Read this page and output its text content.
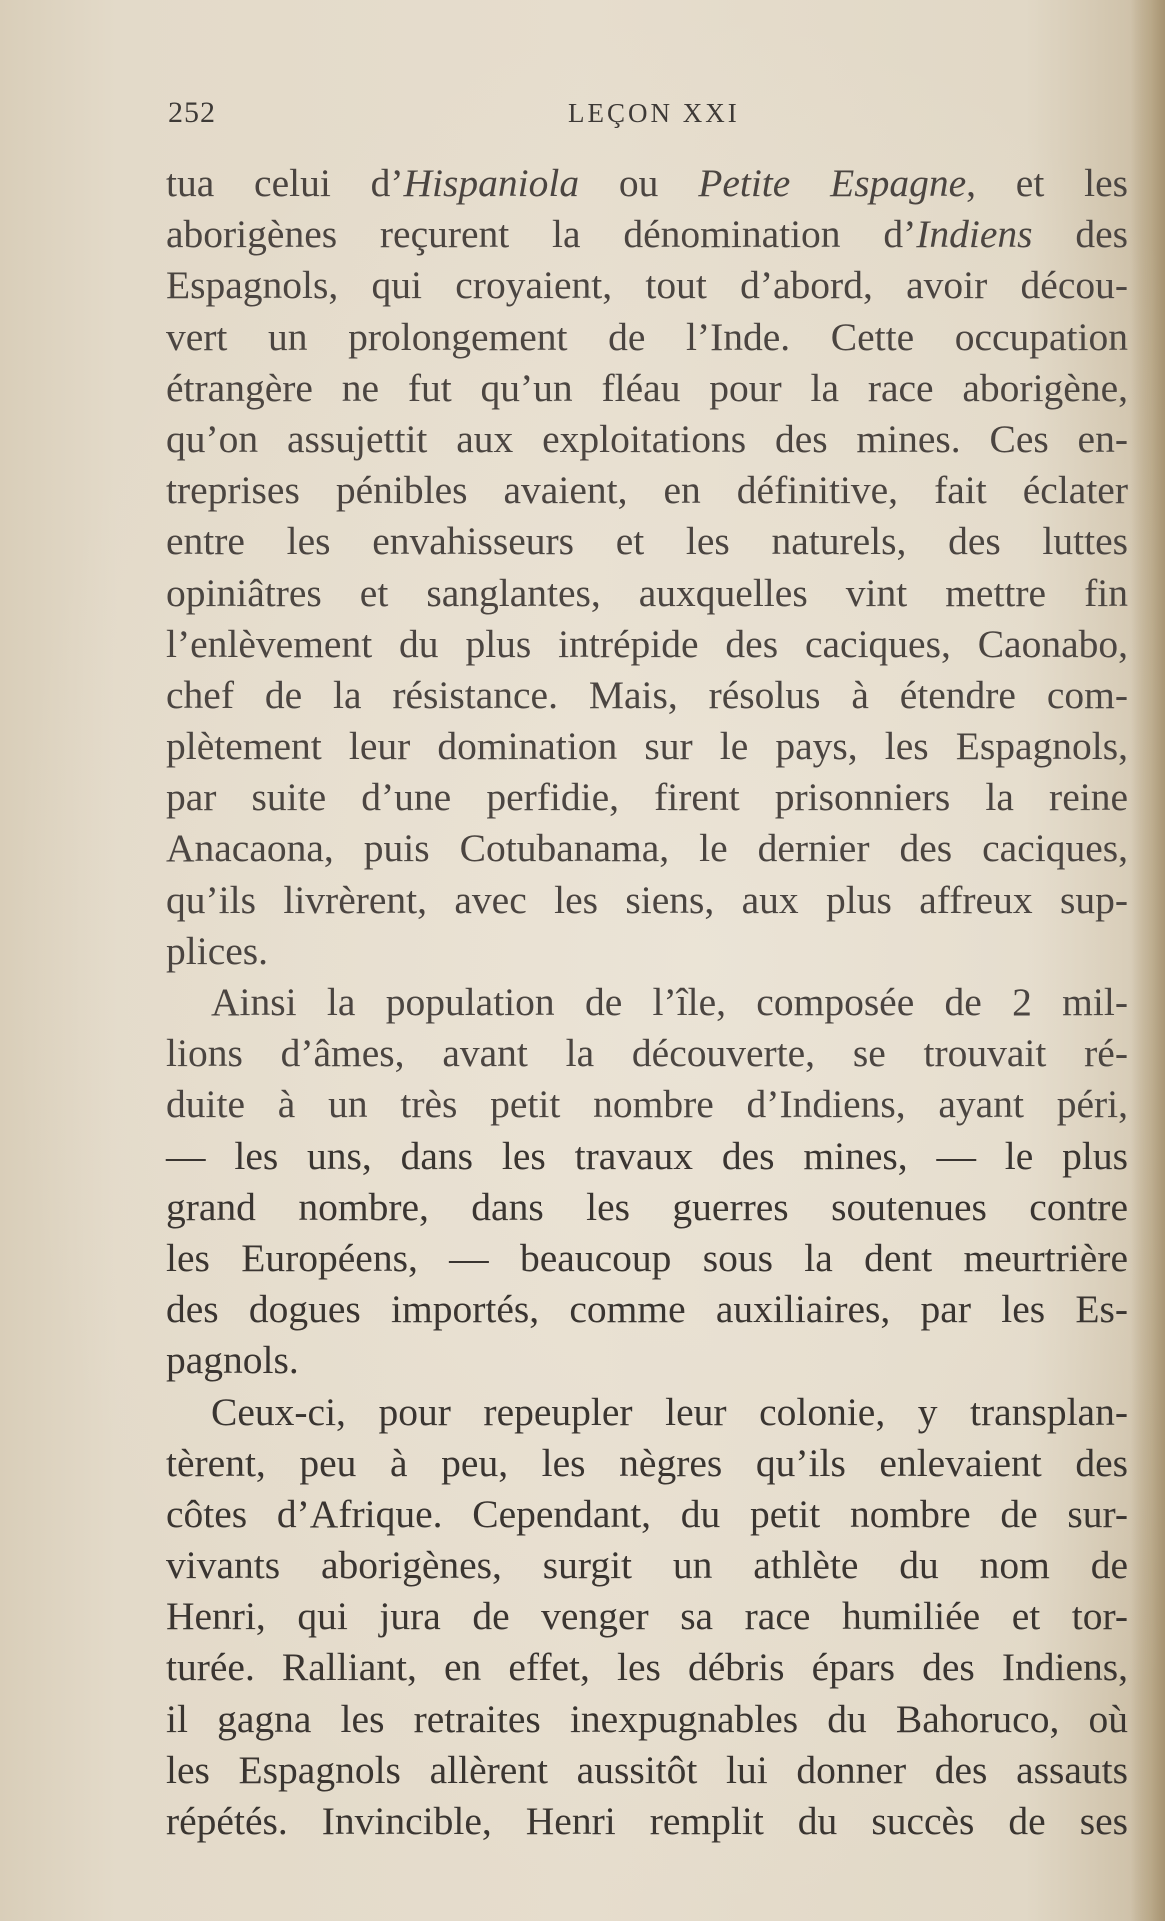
252	LEÇON XXI
tua celui d’Hispaniola ou Petite Espagne, et les
aborigènes reçurent la dénomination d’Indiens des
Espagnols, qui croyaient, tout d’abord, avoir décou-
vert un prolongement de l’Inde. Cette occupation
étrangère ne fut qu’un fléau pour la race aborigène,
qu’on assujettit aux exploitations des mines. Ces en-
treprises pénibles avaient, en définitive, fait éclater
entre les envahisseurs et les naturels, des luttes
opiniâtres et sanglantes, auxquelles vint mettre fin
l’enlèvement du plus intrépide des caciques, Caonabo,
chef de la résistance. Mais, résolus à étendre com-
plètement leur domination sur le pays, les Espagnols,
par suite d’une perfidie, firent prisonniers la reine
Anacaona, puis Cotubanama, le dernier des caciques,
qu’ils livrèrent, avec les siens, aux plus affreux sup-
plices.
Ainsi la population de l’île, composée de 2 mil-
lions d’âmes, avant la découverte, se trouvait ré-
duite à un très petit nombre d’Indiens, ayant péri,
— les uns, dans les travaux des mines, — le plus
grand nombre, dans les guerres soutenues contre
les Européens, — beaucoup sous la dent meurtrière
des dogues importés, comme auxiliaires, par les Es-
pagnols.
Ceux-ci, pour repeupler leur colonie, y transplan-
tèrent, peu à peu, les nègres qu’ils enlevaient des
côtes d’Afrique. Cependant, du petit nombre de sur-
vivants aborigènes, surgit un athlète du nom de
Henri, qui jura de venger sa race humiliée et tor-
turée. Ralliant, en effet, les débris épars des Indiens,
il gagna les retraites inexpugnables du Bahoruco, où
les Espagnols allèrent aussitôt lui donner des assauts
répétés. Invincible, Henri remplit du succès de ses
